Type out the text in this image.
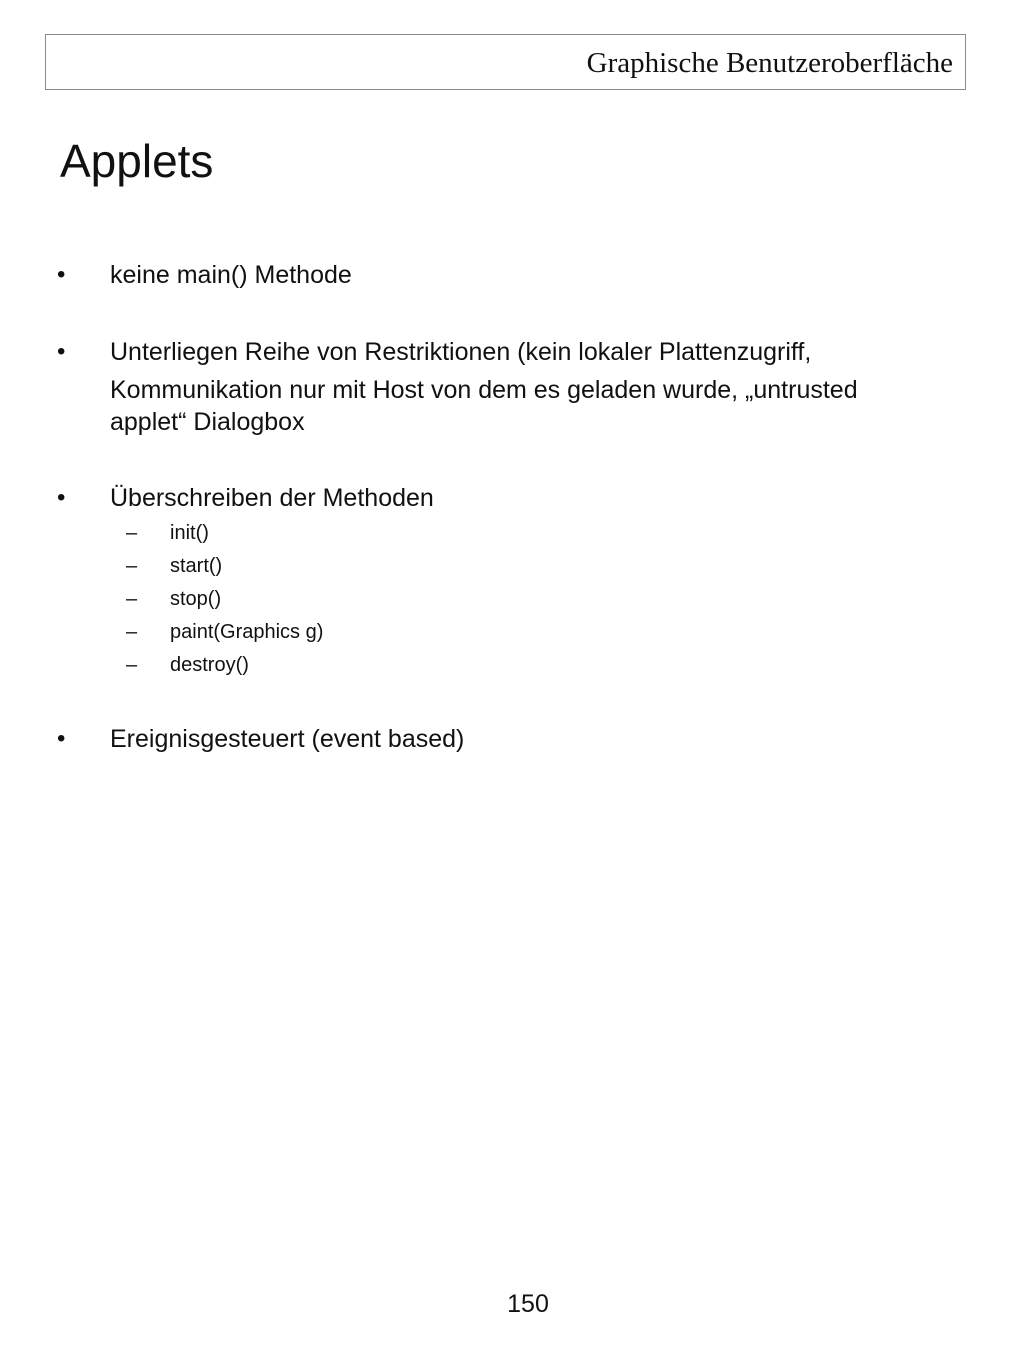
Graphische Benutzeroberfläche
Applets
• keine main() Methode
• Unterliegen Reihe von Restriktionen (kein lokaler Plattenzugriff,
Kommunikation nur mit Host von dem es geladen wurde, „untrusted
applet“ Dialogbox
• Überschreiben der Methoden
– init()
– start()
– stop()
– paint(Graphics g)
– destroy()
• Ereignisgesteuert (event based)
150
